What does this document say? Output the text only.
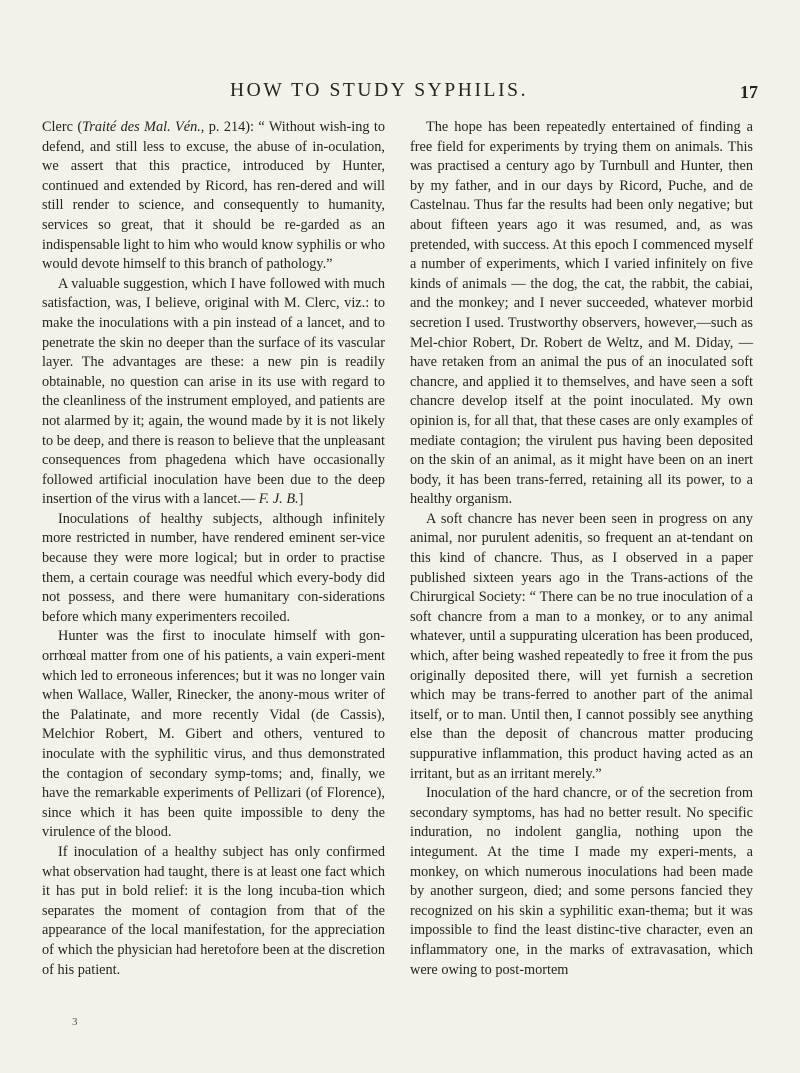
HOW TO STUDY SYPHILIS.	17

Clerc (Traité des Mal. Vén., p. 214): “ Without wish-ing to defend, and still less to excuse, the abuse of in-oculation, we assert that this practice, introduced by Hunter, continued and extended by Ricord, has ren-dered and will still render to science, and consequently to humanity, services so great, that it should be re-garded as an indispensable light to him who would know syphilis or who would devote himself to this branch of pathology.”

A valuable suggestion, which I have followed with much satisfaction, was, I believe, original with M. Clerc, viz.: to make the inoculations with a pin instead of a lancet, and to penetrate the skin no deeper than the surface of its vascular layer. The advantages are these: a new pin is readily obtainable, no question can arise in its use with regard to the cleanliness of the instrument employed, and patients are not alarmed by it; again, the wound made by it is not likely to be deep, and there is reason to believe that the unpleasant consequences from phagedena which have occasionally followed artificial inoculation have been due to the deep insertion of the virus with a lancet.— F. J. B.]

Inoculations of healthy subjects, although infinitely more restricted in number, have rendered eminent ser-vice because they were more logical; but in order to practise them, a certain courage was needful which every-body did not possess, and there were humanitary con-siderations before which many experimenters recoiled.

Hunter was the first to inoculate himself with gon-orrhœal matter from one of his patients, a vain experi-ment which led to erroneous inferences; but it was no longer vain when Wallace, Waller, Rinecker, the anony-mous writer of the Palatinate, and more recently Vidal (de Cassis), Melchior Robert, M. Gibert and others, ventured to inoculate with the syphilitic virus, and thus demonstrated the contagion of secondary symp-toms; and, finally, we have the remarkable experiments of Pellizari (of Florence), since which it has been quite impossible to deny the virulence of the blood.

If inoculation of a healthy subject has only confirmed what observation had taught, there is at least one fact which it has put in bold relief: it is the long incuba-tion which separates the moment of contagion from that of the appearance of the local manifestation, for the appreciation of which the physician had heretofore been at the discretion of his patient.

3

The hope has been repeatedly entertained of finding a free field for experiments by trying them on animals. This was practised a century ago by Turnbull and Hunter, then by my father, and in our days by Ricord, Puche, and de Castelnau. Thus far the results had been only negative; but about fifteen years ago it was resumed, and, as was pretended, with success. At this epoch I commenced myself a number of experiments, which I varied infinitely on five kinds of animals — the dog, the cat, the rabbit, the cabiai, and the monkey; and I never succeeded, whatever morbid secretion I used. Trustworthy observers, however,—such as Mel-chior Robert, Dr. Robert de Weltz, and M. Diday, — have retaken from an animal the pus of an inoculated soft chancre, and applied it to themselves, and have seen a soft chancre develop itself at the point inoculated. My own opinion is, for all that, that these cases are only examples of mediate contagion; the virulent pus having been deposited on the skin of an animal, as it might have been on an inert body, it has been trans-ferred, retaining all its power, to a healthy organism.

A soft chancre has never been seen in progress on any animal, nor purulent adenitis, so frequent an at-tendant on this kind of chancre. Thus, as I observed in a paper published sixteen years ago in the Trans-actions of the Chirurgical Society: “ There can be no true inoculation of a soft chancre from a man to a monkey, or to any animal whatever, until a suppurating ulceration has been produced, which, after being washed repeatedly to free it from the pus originally deposited there, will yet furnish a secretion which may be trans-ferred to another part of the animal itself, or to man. Until then, I cannot possibly see anything else than the deposit of chancrous matter producing suppurative inflammation, this product having acted as an irritant, but as an irritant merely.”

Inoculation of the hard chancre, or of the secretion from secondary symptoms, has had no better result. No specific induration, no indolent ganglia, nothing upon the integument. At the time I made my experi-ments, a monkey, on which numerous inoculations had been made by another surgeon, died; and some persons fancied they recognized on his skin a syphilitic exan-thema; but it was impossible to find the least distinc-tive character, even an inflammatory one, in the marks of extravasation, which were owing to post-mortem
